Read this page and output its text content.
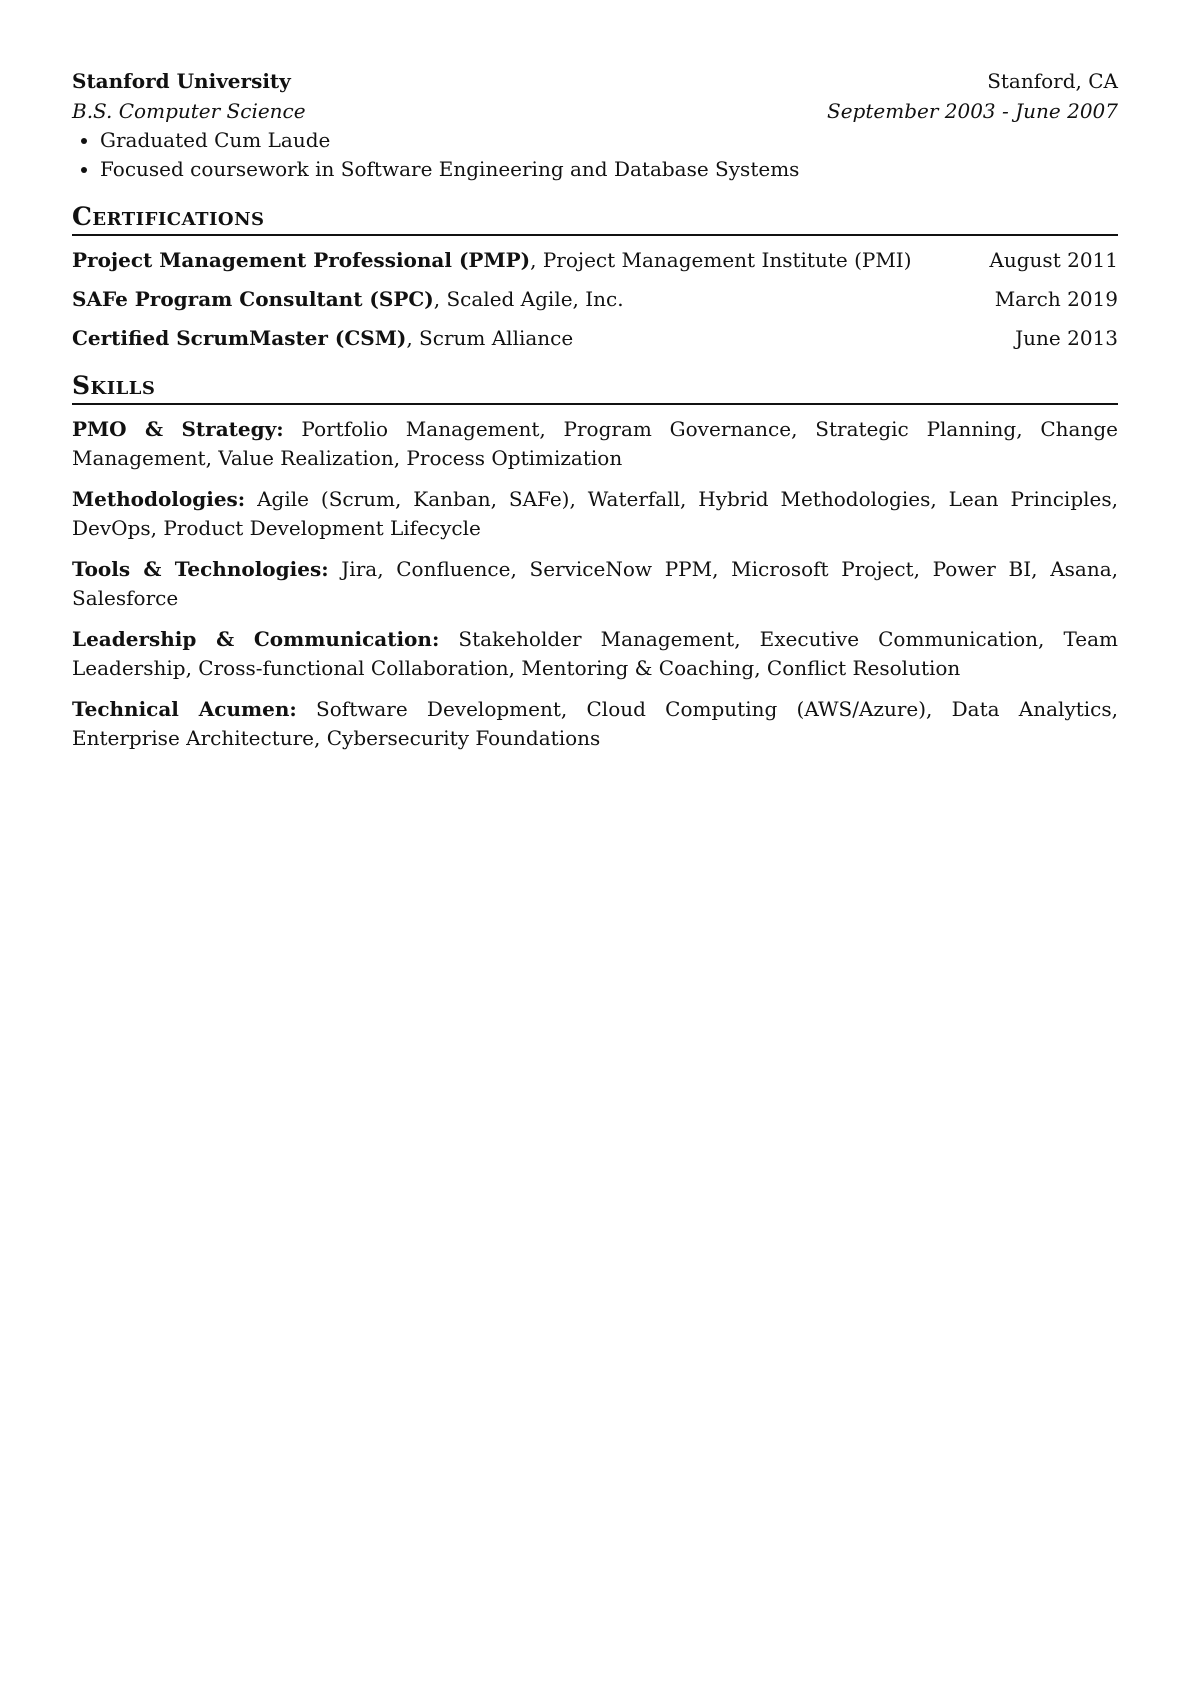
Stanford University	Stanford, CA
B.S. Computer Science	September 2003 - June 2007
• Graduated Cum Laude
• Focused coursework in Software Engineering and Database Systems
Certifications
Project Management Professional (PMP), Project Management Institute (PMI)	August 2011
SAFe Program Consultant (SPC), Scaled Agile, Inc.	March 2019
Certified ScrumMaster (CSM), Scrum Alliance	June 2013
Skills
PMO & Strategy: Portfolio Management, Program Governance, Strategic Planning, Change Management, Value Realization, Process Optimization
Methodologies: Agile (Scrum, Kanban, SAFe), Waterfall, Hybrid Methodologies, Lean Principles, DevOps, Product Development Lifecycle
Tools & Technologies: Jira, Confluence, ServiceNow PPM, Microsoft Project, Power BI, Asana, Salesforce
Leadership & Communication: Stakeholder Management, Executive Communication, Team Leadership, Cross-functional Collaboration, Mentoring & Coaching, Conflict Resolution
Technical Acumen: Software Development, Cloud Computing (AWS/Azure), Data Analytics, Enterprise Architecture, Cybersecurity Foundations
